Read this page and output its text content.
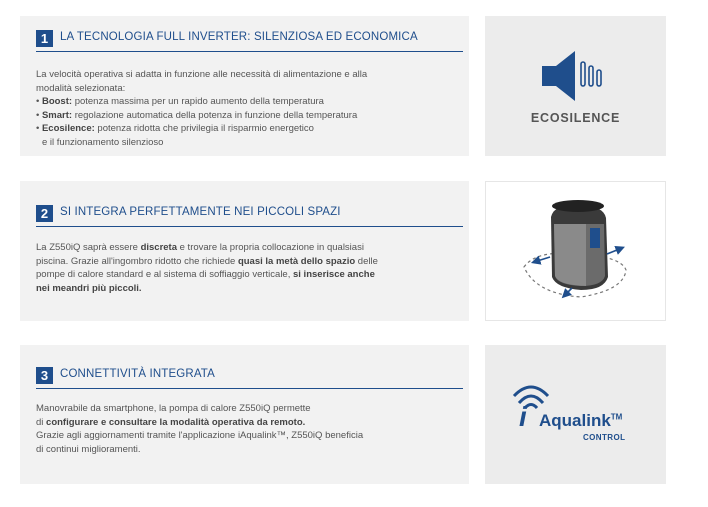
1	LA TECNOLOGIA FULL INVERTER: SILENZIOSA ED ECONOMICA
La velocità operativa si adatta in funzione alle necessità di alimentazione e alla
modalità selezionata:
• Boost: potenza massima per un rapido aumento della temperatura
• Smart: regolazione automatica della potenza in funzione della temperatura
• Ecosilence: potenza ridotta che privilegia il risparmio energetico
e il funzionamento silenzioso
ECOSILENCE
2	SI INTEGRA PERFETTAMENTE NEI PICCOLI SPAZI
La Z550iQ saprà essere discreta e trovare la propria collocazione in qualsiasi
piscina. Grazie all'ingombro ridotto che richiede quasi la metà dello spazio delle
pompe di calore standard e al sistema di soffiaggio verticale, si inserisce anche
nei meandri più piccoli.
3	CONNETTIVITÀ INTEGRATA
Manovrabile da smartphone, la pompa di calore Z550iQ permette
di configurare e consultare la modalità operativa da remoto.
Grazie agli aggiornamenti tramite l'applicazione iAqualink™, Z550iQ beneficia
di continui miglioramenti.
i Aqualink™
CONTROL
